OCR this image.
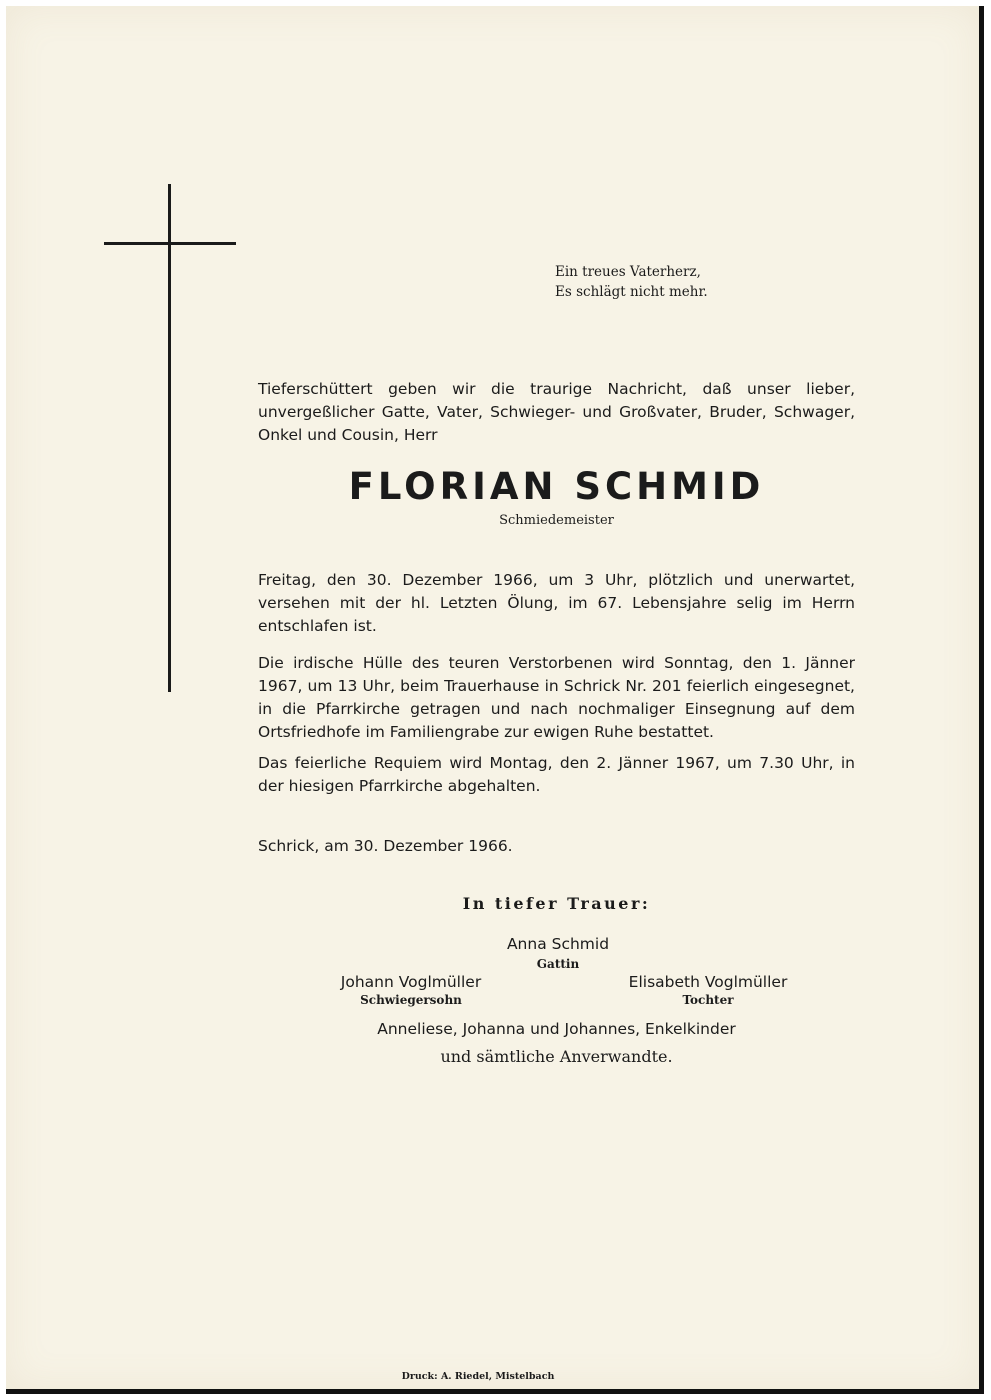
Ein treues Vaterherz,
Es schlägt nicht mehr.
Tieferschüttert geben wir die traurige Nachricht, daß unser lieber, unvergeßlicher Gatte, Vater, Schwieger- und Großvater, Bruder, Schwager, Onkel und Cousin, Herr
FLORIAN SCHMID
Schmiedemeister
Freitag, den 30. Dezember 1966, um 3 Uhr, plötzlich und unerwartet, versehen mit der hl. Letzten Ölung, im 67. Lebensjahre selig im Herrn entschlafen ist.
Die irdische Hülle des teuren Verstorbenen wird Sonntag, den 1. Jänner 1967, um 13 Uhr, beim Trauerhause in Schrick Nr. 201 feierlich eingesegnet, in die Pfarrkirche getragen und nach nochmaliger Einsegnung auf dem Ortsfriedhofe im Familiengrabe zur ewigen Ruhe bestattet.
Das feierliche Requiem wird Montag, den 2. Jänner 1967, um 7.30 Uhr, in der hiesigen Pfarrkirche abgehalten.
Schrick, am 30. Dezember 1966.
In tiefer Trauer:
Anna Schmid
Gattin
Johann Voglmüller
Schwiegersohn
Elisabeth Voglmüller
Tochter
Anneliese, Johanna und Johannes, Enkelkinder
und sämtliche Anverwandte.
Druck: A. Riedel, Mistelbach
